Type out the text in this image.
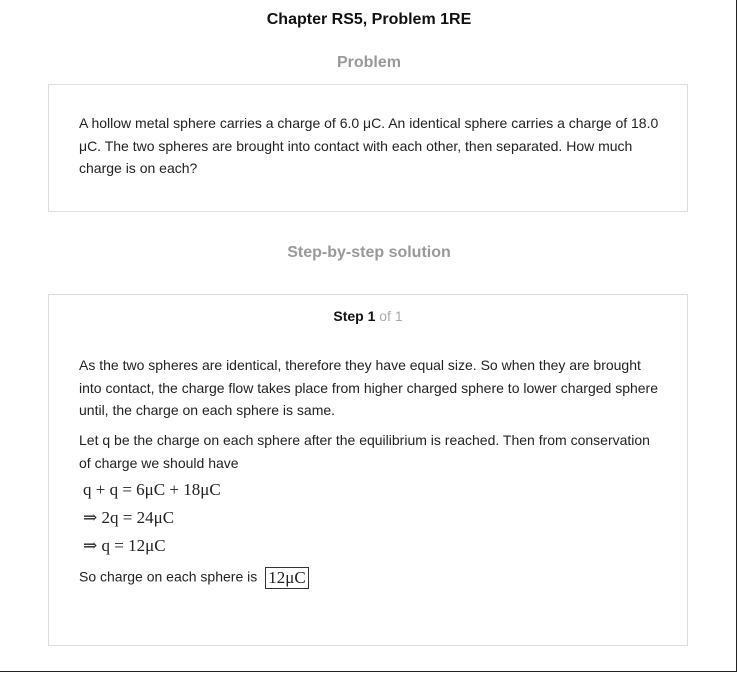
Chapter RS5, Problem 1RE
Problem
A hollow metal sphere carries a charge of 6.0 μC. An identical sphere carries a charge of 18.0 μC. The two spheres are brought into contact with each other, then separated. How much charge is on each?
Step-by-step solution
Step 1 of 1
As the two spheres are identical, therefore they have equal size. So when they are brought into contact, the charge flow takes place from higher charged sphere to lower charged sphere until, the charge on each sphere is same.
Let q be the charge on each sphere after the equilibrium is reached. Then from conservation of charge we should have
q + q = 6μC + 18μC
⇒ 2q = 24μC
⇒ q = 12μC
So charge on each sphere is 12μC
